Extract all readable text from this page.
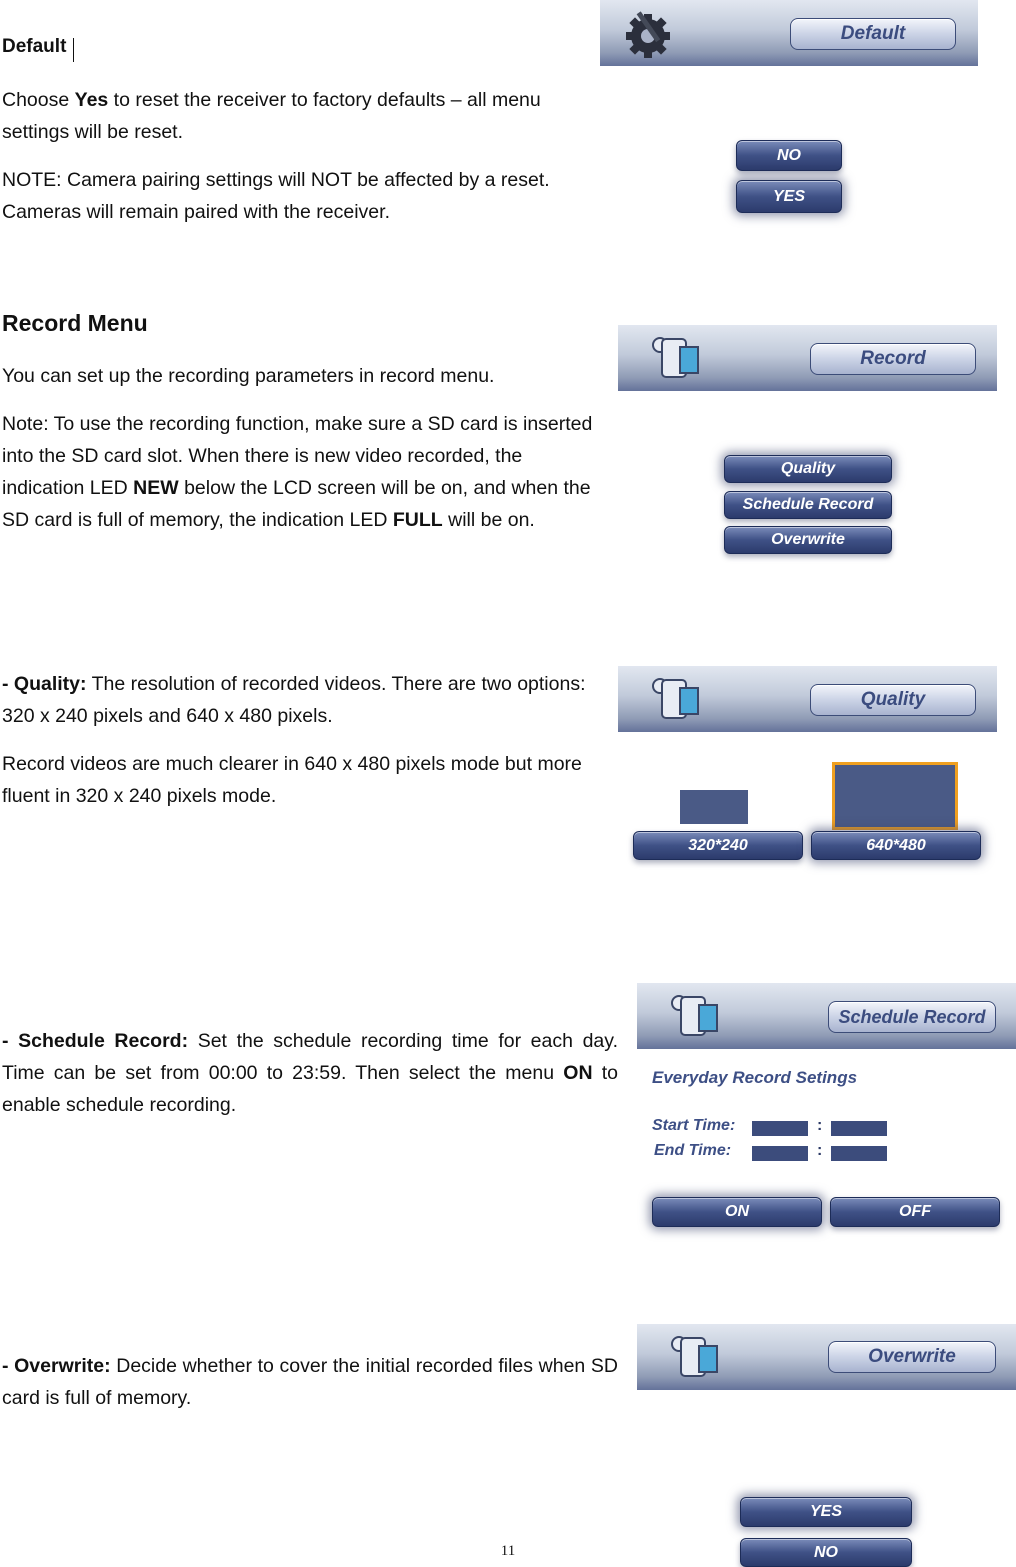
Default

Choose Yes to reset the receiver to factory defaults – all menu settings will be reset.

NOTE: Camera pairing settings will NOT be affected by a reset. Cameras will remain paired with the receiver.

Default
NO
YES
Record Menu

You can set up the recording parameters in record menu.

Note: To use the recording function, make sure a SD card is inserted into the SD card slot. When there is new video recorded, the indication LED NEW below the LCD screen will be on, and when the SD card is full of memory, the indication LED FULL will be on.

Record
Quality
Schedule Record
Overwrite

- Quality: The resolution of recorded videos. There are two options: 320 x 240 pixels and 640 x 480 pixels.

Record videos are much clearer in 640 x 480 pixels mode but more fluent in 320 x 240 pixels mode.

Quality
320*240	640*480

- Schedule Record: Set the schedule recording time for each day. Time can be set from 00:00 to 23:59. Then select the menu ON to enable schedule recording.

Schedule Record
Everyday Record Setings
Start Time:	:
End Time:	:
ON	OFF

- Overwrite: Decide whether to cover the initial recorded files when SD card is full of memory.

Overwrite
YES
NO
11
